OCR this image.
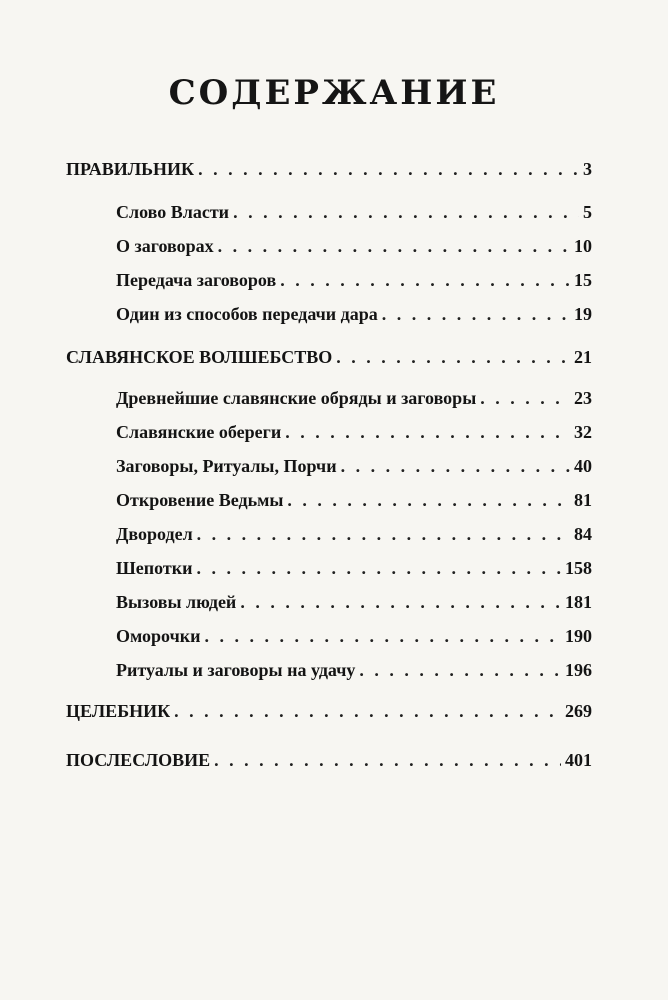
содержание
ПРАВИЛЬНИК . . .	3
Слово Власти . . .	5
О заговорах . . .	10
Передача заговоров . . .	15
Один из способов передачи дара . . .	19
СЛАВЯНСКОЕ ВОЛШЕБСТВО . . .	21
Древнейшие славянские обряды и заговоры . . .	23
Славянские обереги . . .	32
Заговоры, Ритуалы, Порчи . . .	40
Откровение Ведьмы . . .	81
Двородел . . .	84
Шепотки . . .	158
Вызовы людей . . .	181
Оморочки . . .	190
Ритуалы и заговоры на удачу . . .	196
ЦЕЛЕБНИК . . .	269
ПОСЛЕСЛОВИЕ . . .	401
